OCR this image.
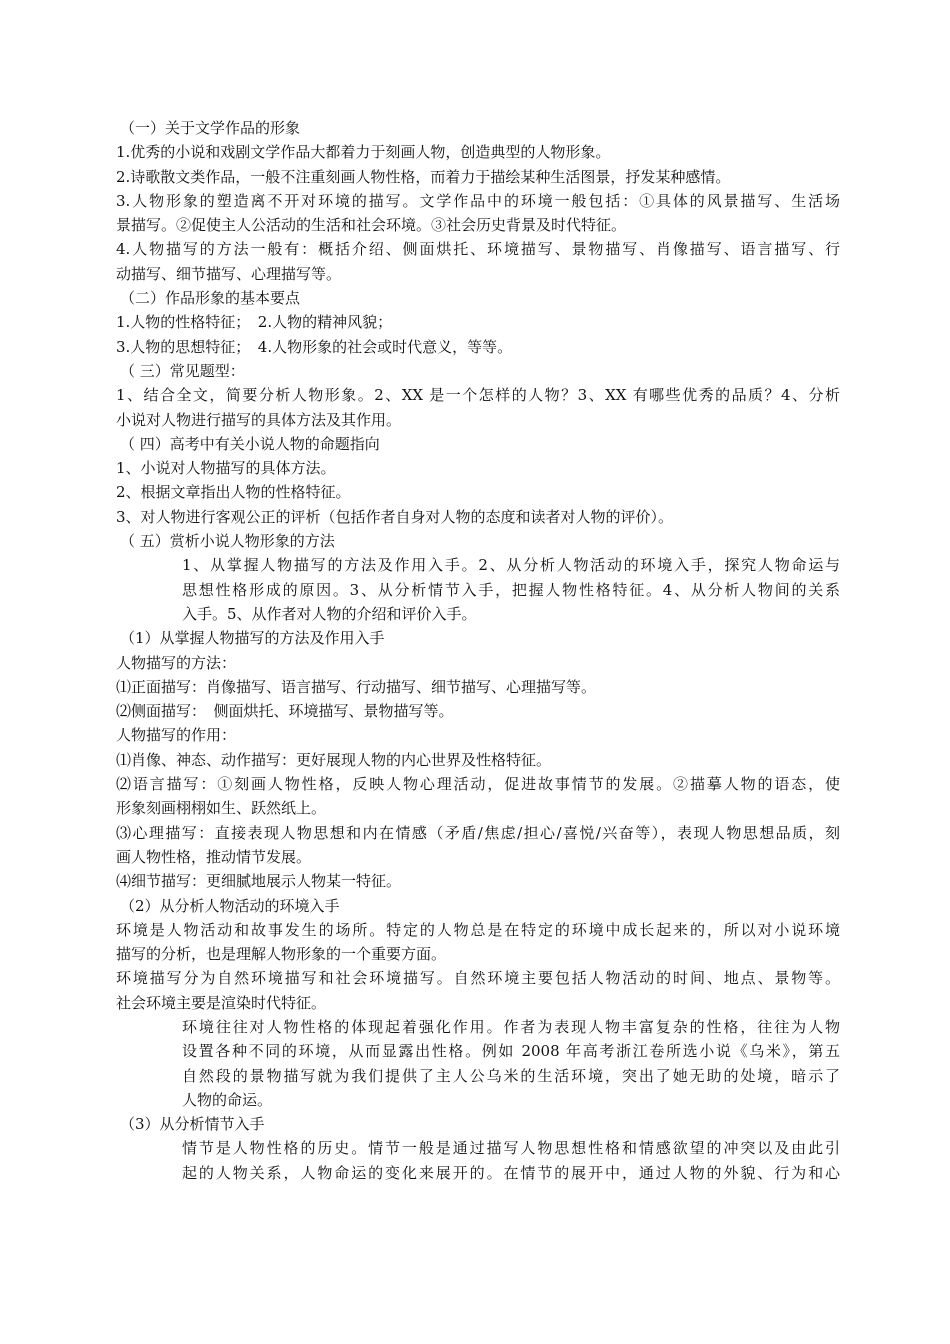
（一）关于文学作品的形象
1.优秀的小说和戏剧文学作品大都着力于刻画人物，创造典型的人物形象。
2.诗歌散文类作品，一般不注重刻画人物性格，而着力于描绘某种生活图景，抒发某种感情。
3.人物形象的塑造离不开对环境的描写。文学作品中的环境一般包括：①具体的风景描写、生活场
景描写。②促使主人公活动的生活和社会环境。③社会历史背景及时代特征。
4.人物描写的方法一般有：概括介绍、侧面烘托、环境描写、景物描写、肖像描写、语言描写、行
动描写、细节描写、心理描写等。
（二）作品形象的基本要点
1.人物的性格特征；　2.人物的精神风貌；
3.人物的思想特征；　4.人物形象的社会或时代意义，等等。
（ 三）常见题型：
1、结合全文，简要分析人物形象。2、XX 是一个怎样的人物？3、XX 有哪些优秀的品质？4、分析
小说对人物进行描写的具体方法及其作用。
（ 四）高考中有关小说人物的命题指向
1、小说对人物描写的具体方法。
2、根据文章指出人物的性格特征。
3、对人物进行客观公正的评析（包括作者自身对人物的态度和读者对人物的评价）。
（ 五）赏析小说人物形象的方法
1、从掌握人物描写的方法及作用入手。2、从分析人物活动的环境入手，探究人物命运与
思想性格形成的原因。3、从分析情节入手，把握人物性格特征。4、从分析人物间的关系
入手。5、从作者对人物的介绍和评价入手。
（1）从掌握人物描写的方法及作用入手
人物描写的方法：
⑴正面描写：肖像描写、语言描写、行动描写、细节描写、心理描写等。
⑵侧面描写：　侧面烘托、环境描写、景物描写等。
人物描写的作用：
⑴肖像、神态、动作描写：更好展现人物的内心世界及性格特征。
⑵语言描写：①刻画人物性格，反映人物心理活动，促进故事情节的发展。②描摹人物的语态，使
形象刻画栩栩如生、跃然纸上。
⑶心理描写：直接表现人物思想和内在情感（矛盾/焦虑/担心/喜悦/兴奋等），表现人物思想品质，刻
画人物性格，推动情节发展。
⑷细节描写：更细腻地展示人物某一特征。
（2）从分析人物活动的环境入手
环境是人物活动和故事发生的场所。特定的人物总是在特定的环境中成长起来的，所以对小说环境
描写的分析，也是理解人物形象的一个重要方面。
环境描写分为自然环境描写和社会环境描写。自然环境主要包括人物活动的时间、地点、景物等。
社会环境主要是渲染时代特征。
环境往往对人物性格的体现起着强化作用。作者为表现人物丰富复杂的性格，往往为人物
设置各种不同的环境，从而显露出性格。例如 2008 年高考浙江卷所选小说《乌米》，第五
自然段的景物描写就为我们提供了主人公乌米的生活环境，突出了她无助的处境，暗示了
人物的命运。
（3）从分析情节入手
情节是人物性格的历史。情节一般是通过描写人物思想性格和情感欲望的冲突以及由此引
起的人物关系，人物命运的变化来展开的。在情节的展开中，通过人物的外貌、行为和心
